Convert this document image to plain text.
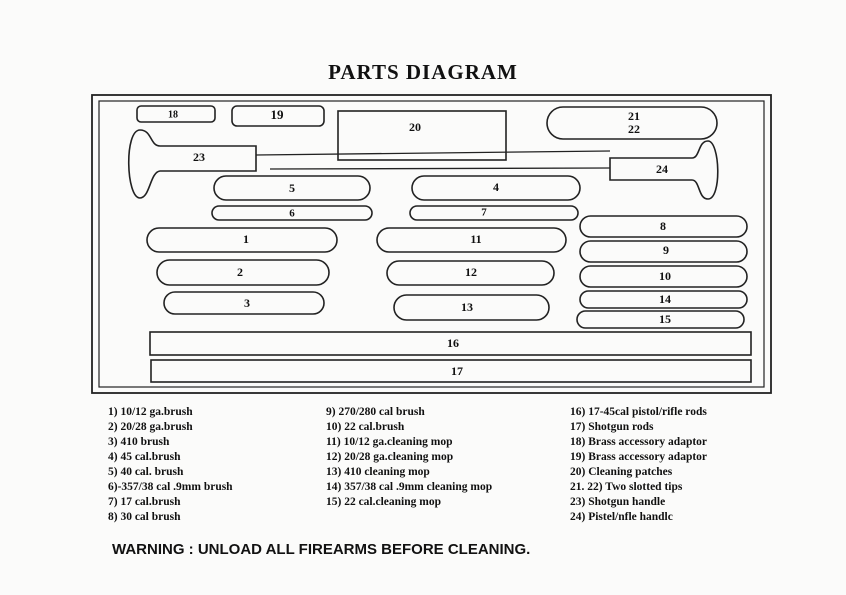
PARTS DIAGRAM
18	19
20
21
22
23
24
5	4
6	7
8
1	11
9
2	12	10
3	13
14
15
16
17
1) 10/12 ga.brush
2) 20/28 ga.brush
3) 410 brush
4) 45 cal.brush
5) 40 cal. brush
6)-357/38 cal .9mm brush
7) 17 cal.brush
8) 30 cal brush
9) 270/280 cal brush
10) 22 cal.brush
11) 10/12 ga.cleaning mop
12) 20/28 ga.cleaning mop
13) 410 cleaning mop
14) 357/38 cal .9mm cleaning mop
15) 22 cal.cleaning mop
16) 17-45cal pistol/rifle rods
17) Shotgun rods
18) Brass accessory adaptor
19) Brass accessory adaptor
20) Cleaning patches
21. 22) Two slotted tips
23) Shotgun handle
24) Pistel/nfle handlc
WARNING : UNLOAD ALL FIREARMS BEFORE CLEANING.
